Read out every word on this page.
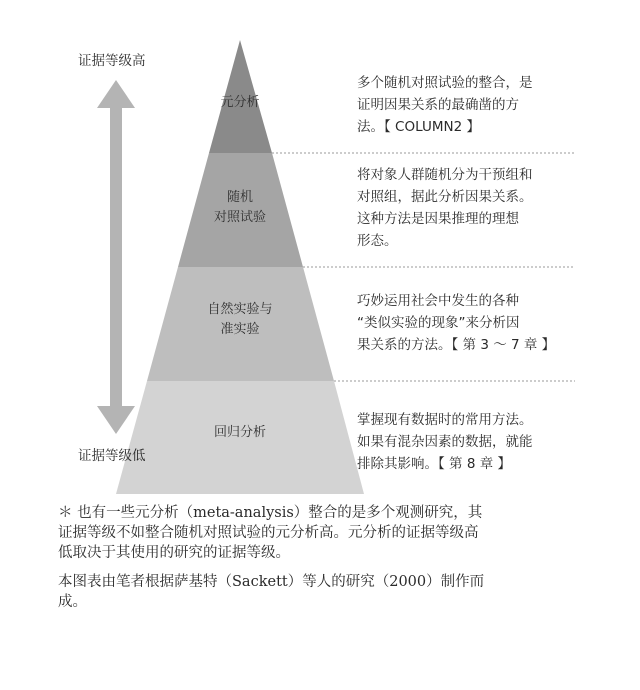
证据等级高
证据等级低
元分析
随机
对照试验
自然实验与
准实验
回归分析
多个随机对照试验的整合，是
证明因果关系的最确凿的方
法。【 COLUMN2 】
将对象人群随机分为干预组和
对照组，据此分析因果关系。
这种方法是因果推理的理想
形态。
巧妙运用社会中发生的各种
“类似实验的现象”来分析因
果关系的方法。【 第 3 ～ 7 章 】
掌握现有数据时的常用方法。
如果有混杂因素的数据，就能
排除其影响。【 第 8 章 】
＊ 也有一些元分析（meta-analysis）整合的是多个观测研究，其
证据等级不如整合随机对照试验的元分析高。元分析的证据等级高
低取决于其使用的研究的证据等级。
本图表由笔者根据萨基特（Sackett）等人的研究（2000）制作而
成。
